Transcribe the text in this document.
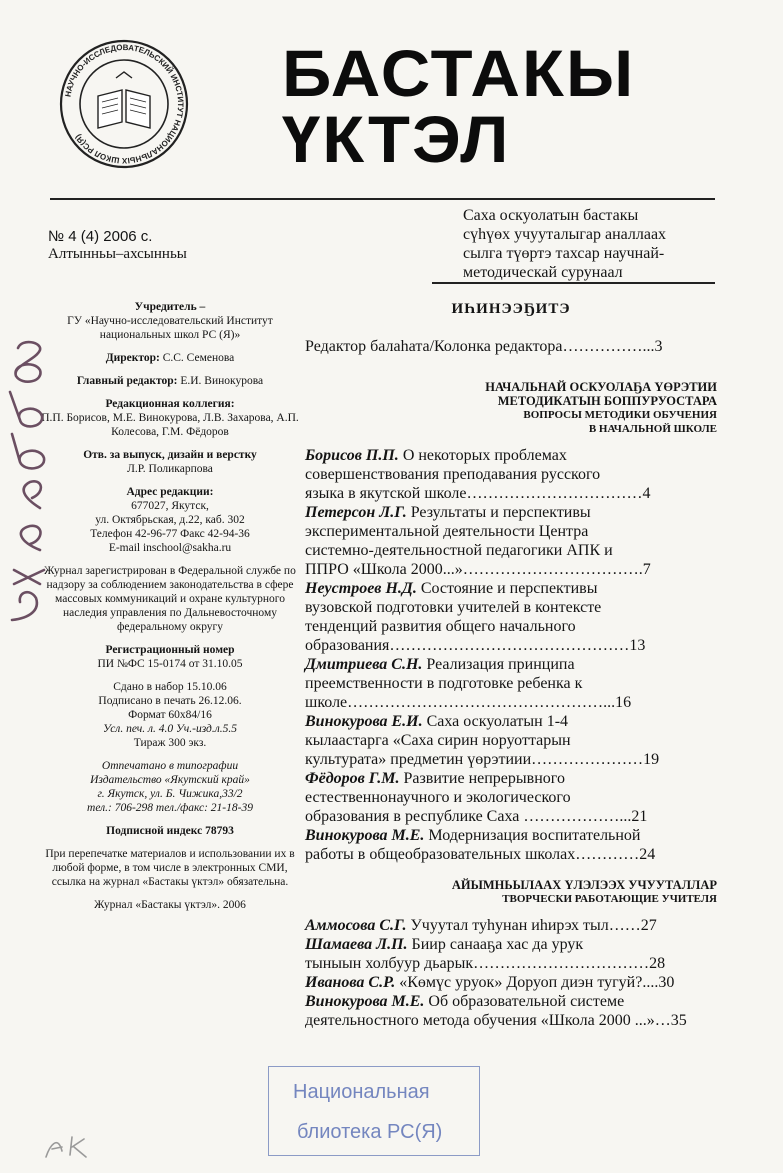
НАУЧНО-ИССЛЕДОВАТЕЛЬСКИЙ ИНСТИТУТ НАЦИОНАЛЬНЫХ ШКОЛ РС(Я)
БАСТАКЫ
ҮКТЭЛ
№ 4 (4) 2006 с.
Алтынньы–ахсынньы
Саха оскуолатын бастакы
сүһүөх учууталыгар аналлаах
сылга түөртэ тахсар научнай-
методическай сурунаал

Учредитель –
ГУ «Научно-исследовательский Институт национальных школ РС (Я)»

Директор: С.С. Семенова

Главный редактор: Е.И. Винокурова

Редакционная коллегия:
П.П. Борисов, М.Е. Винокурова, Л.В. Захарова, А.П. Колесова, Г.М. Фёдоров

Отв. за выпуск, дизайн и верстку
Л.Р. Поликарпова

Адрес редакции:
677027, Якутск,
ул. Октябрьская, д.22, каб. 302
Телефон 42-96-77 Факс 42-94-36
E-mail inschool@sakha.ru

Журнал зарегистрирован в Федеральной службе по надзору за соблюдением законодательства в сфере массовых коммуникаций и охране культурного наследия управления по Дальневосточному федеральному округу

Регистрационный номер
ПИ №ФС 15-0174 от 31.10.05

Сдано в набор 15.10.06
Подписано в печать 26.12.06.
Формат 60x84/16
Усл. печ. л. 4.0 Уч.-изд.л.5.5
Тираж 300 экз.

Отпечатано в типографии
Издательство «Якутский край»
г. Якутск, ул. Б. Чижика,33/2
тел.: 706-298 тел./факс: 21-18-39

Подписной индекс 78793

При перепечатке материалов и использовании их в любой форме, в том числе в электронных СМИ, ссылка на журнал «Бастакы үктэл» обязательна.

Журнал «Бастакы үктэл». 2006

ИҺИНЭЭҔИТЭ
Редактор балаһата/Колонка редактора……………...3
НАЧАЛЬНАЙ ОСКУОЛАҔА ҮӨРЭТИИ
МЕТОДИКАТЫН БОППУРУОСТАРА
ВОПРОСЫ МЕТОДИКИ ОБУЧЕНИЯ
В НАЧАЛЬНОЙ ШКОЛЕ
Борисов П.П. О некоторых проблемах
совершенствования преподавания русского
языка в якутской школе……………………………4
Петерсон Л.Г. Результаты и перспективы
экспериментальной деятельности Центра
системно-деятельностной педагогики АПК и
ППРО «Школа 2000...»…………………………….7
Неустроев Н.Д. Состояние и перспективы
вузовской подготовки учителей в контексте
тенденций развития общего начального
образования………………………………………13
Дмитриева С.Н. Реализация принципа
преемственности в подготовке ребенка к
школе…………………………………………...16
Винокурова Е.И. Саха оскуолатын 1-4
кылаастарга «Саха сирин норуоттарын
культурата» предметин үөрэтиии…………………19
Фёдоров Г.М. Развитие непрерывного
естественнонаучного и экологического
образования в республике Саха ………………...21
Винокурова М.Е. Модернизация воспитательной
работы в общеобразовательных школах…………24
АЙЫМНЬЫЛААХ ҮЛЭЛЭЭХ УЧУУТАЛЛАР
ТВОРЧЕСКИ РАБОТАЮЩИЕ УЧИТЕЛЯ
Аммосова С.Г. Учуутал туһунан иһирэх тыл……27
Шамаева Л.П. Биир санааҕа хас да урук
тыныын холбуур дьарык……………………………28
Иванова С.Р. «Көмүс уруок» Доруоп диэн тугуй?....30
Винокурова М.Е. Об образовательной системе
деятельностного метода обучения «Школа 2000 ...»…35
Национальная
блиотека РС(Я)
